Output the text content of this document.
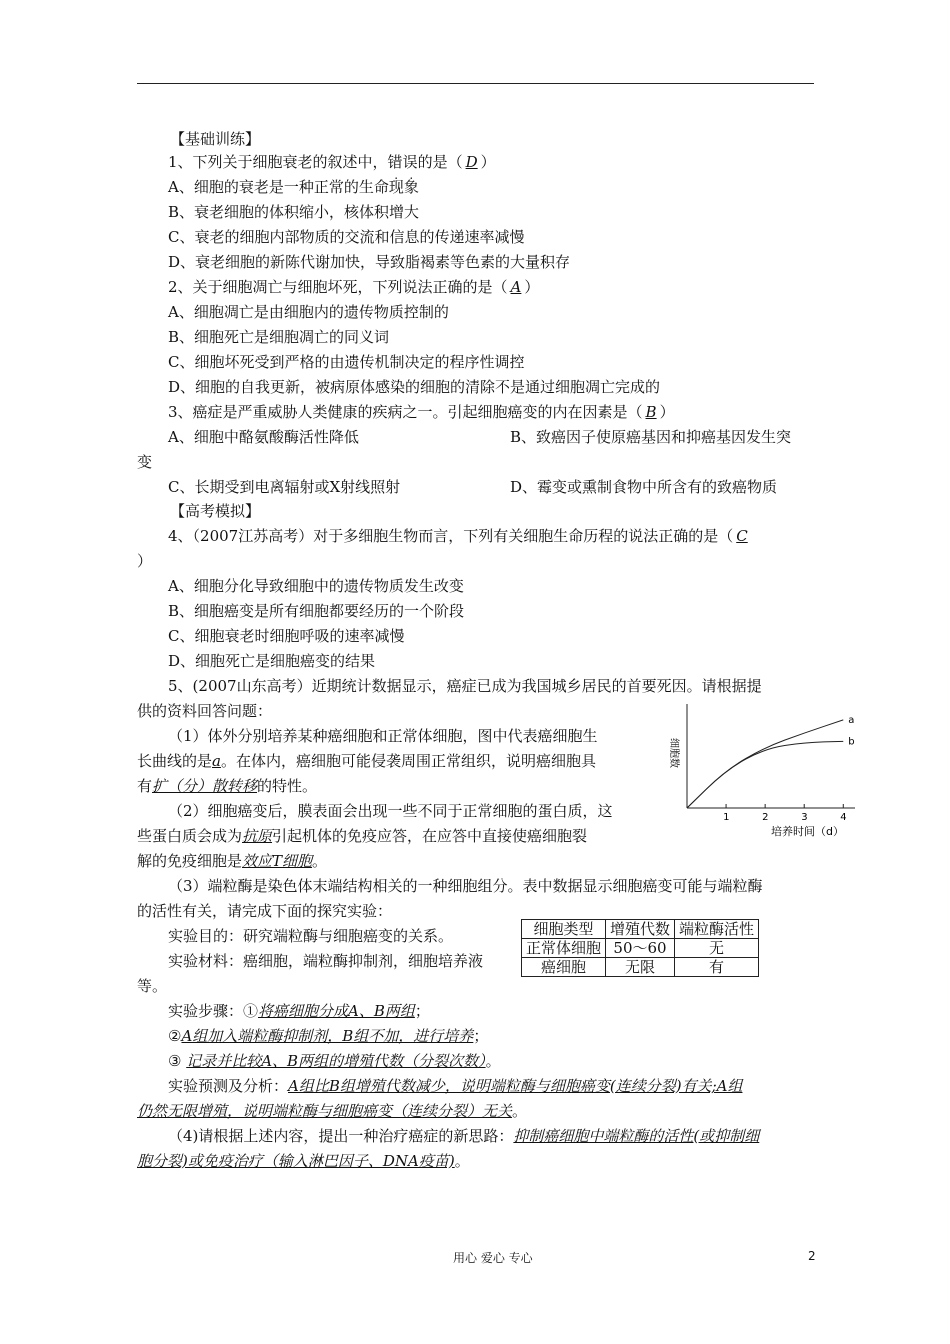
【基础训练】
1、下列关于细胞衰老的叙述中，错误的是（ D ）
A、细胞的衰老是一种正常的生命现象
B、衰老细胞的体积缩小，核体积增大
C、衰老的细胞内部物质的交流和信息的传递速率减慢
D、衰老细胞的新陈代谢加快，导致脂褐素等色素的大量积存
2、关于细胞凋亡与细胞坏死，下列说法正确的是（ A ）
A、细胞凋亡是由细胞内的遗传物质控制的
B、细胞死亡是细胞凋亡的同义词
C、细胞坏死受到严格的由遗传机制决定的程序性调控
D、细胞的自我更新，被病原体感染的细胞的清除不是通过细胞凋亡完成的
3、癌症是严重威胁人类健康的疾病之一。引起细胞癌变的内在因素是（ B ）
A、细胞中酪氨酸酶活性降低	B、致癌因子使原癌基因和抑癌基因发生突
变
C、长期受到电离辐射或X射线照射	D、霉变或熏制食物中所含有的致癌物质
【高考模拟】
4、（2007江苏高考）对于多细胞生物而言，下列有关细胞生命历程的说法正确的是（ C
）
A、细胞分化导致细胞中的遗传物质发生改变
B、细胞癌变是所有细胞都要经历的一个阶段
C、细胞衰老时细胞呼吸的速率减慢
D、细胞死亡是细胞癌变的结果
5、(2007山东高考）近期统计数据显示，癌症已成为我国城乡居民的首要死因。请根据提
供的资料回答问题：
（1）体外分别培养某种癌细胞和正常体细胞，图中代表癌细胞生
长曲线的是a。在体内，癌细胞可能侵袭周围正常组织，说明癌细胞具
有扩（分）散转移的特性。
（2）细胞癌变后，膜表面会出现一些不同于正常细胞的蛋白质，这
些蛋白质会成为抗原引起机体的免疫应答，在应答中直接使癌细胞裂
解的免疫细胞是效应T细胞。
（3）端粒酶是染色体末端结构相关的一种细胞组分。表中数据显示细胞癌变可能与端粒酶
的活性有关，请完成下面的探究实验：
实验目的：研究端粒酶与细胞癌变的关系。
实验材料：癌细胞，端粒酶抑制剂，细胞培养液
等。
实验步骤：①将癌细胞分成A、B两组；
②A组加入端粒酶抑制剂，B组不加，进行培养；
③ 记录并比较A、B两组的增殖代数（分裂次数）。
实验预测及分析：A组比B组增殖代数减少，说明端粒酶与细胞癌变(连续分裂)有关;A组
仍然无限增殖，说明端粒酶与细胞癌变（连续分裂）无关。
（4)请根据上述内容，提出一种治疗癌症的新思路：抑制癌细胞中端粒酶的活性(或抑制细
胞分裂)或免疫治疗（输入淋巴因子、DNA疫苗)。
细胞类型	增殖代数	端粒酶活性
正常体细胞	50～60	无
癌细胞	无限	有
1	2	3	4
a
b
细胞数
培养时间（d）
用心 爱心 专心	2
